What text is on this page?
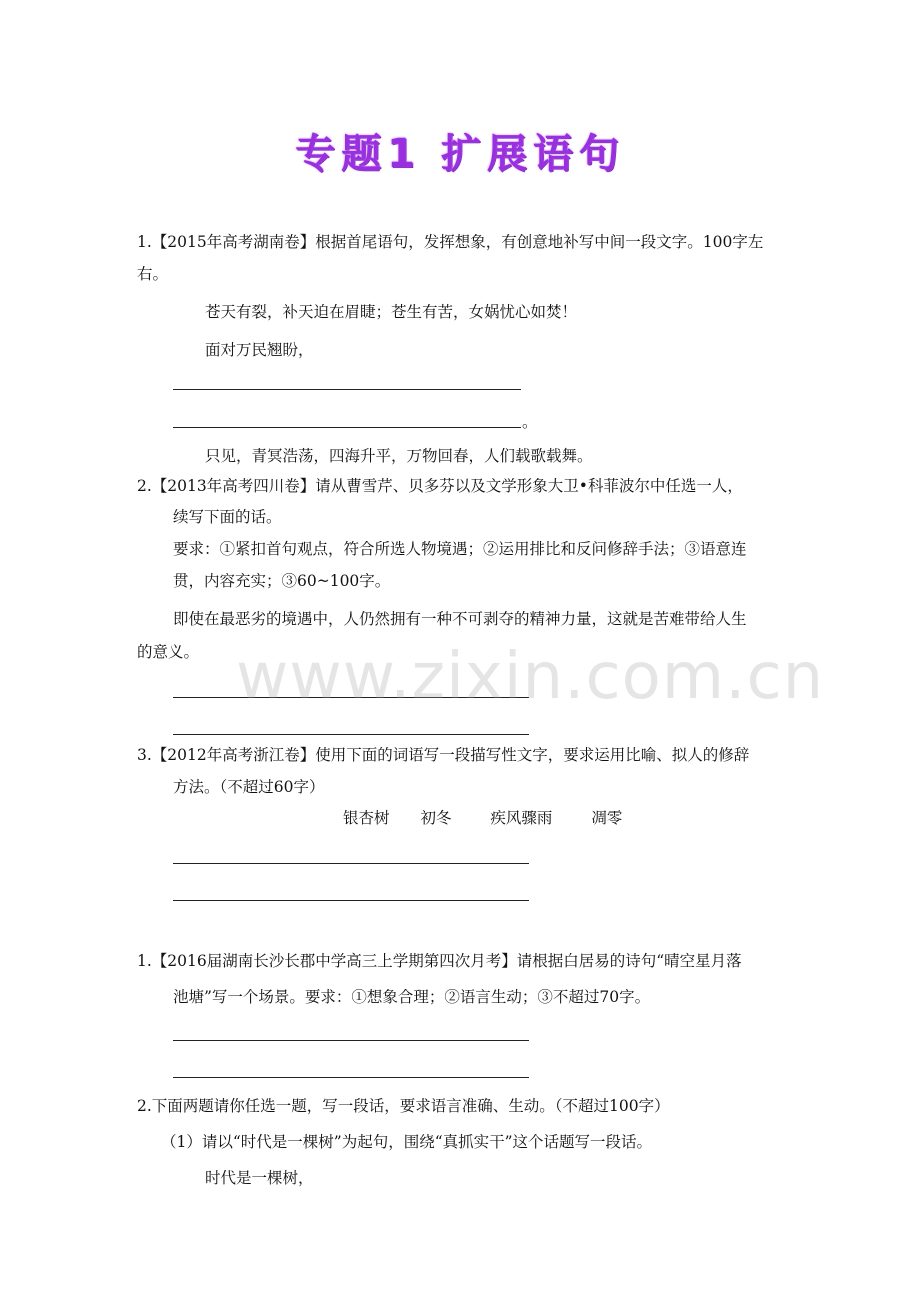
专题1 扩展语句
1.【2015年高考湖南卷】根据首尾语句，发挥想象，有创意地补写中间一段文字。100字左
右。
苍天有裂，补天迫在眉睫；苍生有苦，女娲忧心如焚！
面对万民翘盼，
。
只见，青冥浩荡，四海升平，万物回春，人们载歌载舞。
2.【2013年高考四川卷】请从曹雪芹、贝多芬以及文学形象大卫•科菲波尔中任选一人，
续写下面的话。
要求：①紧扣首句观点，符合所选人物境遇；②运用排比和反问修辞手法；③语意连
贯，内容充实；③60~100字。
即使在最恶劣的境遇中，人仍然拥有一种不可剥夺的精神力量，这就是苦难带给人生
的意义。 www.zixin.com.cn
3.【2012年高考浙江卷】使用下面的词语写一段描写性文字，要求运用比喻、拟人的修辞
方法。（不超过60字）
银杏树 初冬	疾风骤雨	凋零
1.【2016届湖南长沙长郡中学高三上学期第四次月考】请根据白居易的诗句“晴空星月落
池塘”写一个场景。要求：①想象合理；②语言生动；③不超过70字。
2.下面两题请你任选一题，写一段话，要求语言准确、生动。（不超过100字）
（1）请以“时代是一棵树”为起句，围绕“真抓实干”这个话题写一段话。
时代是一棵树，
